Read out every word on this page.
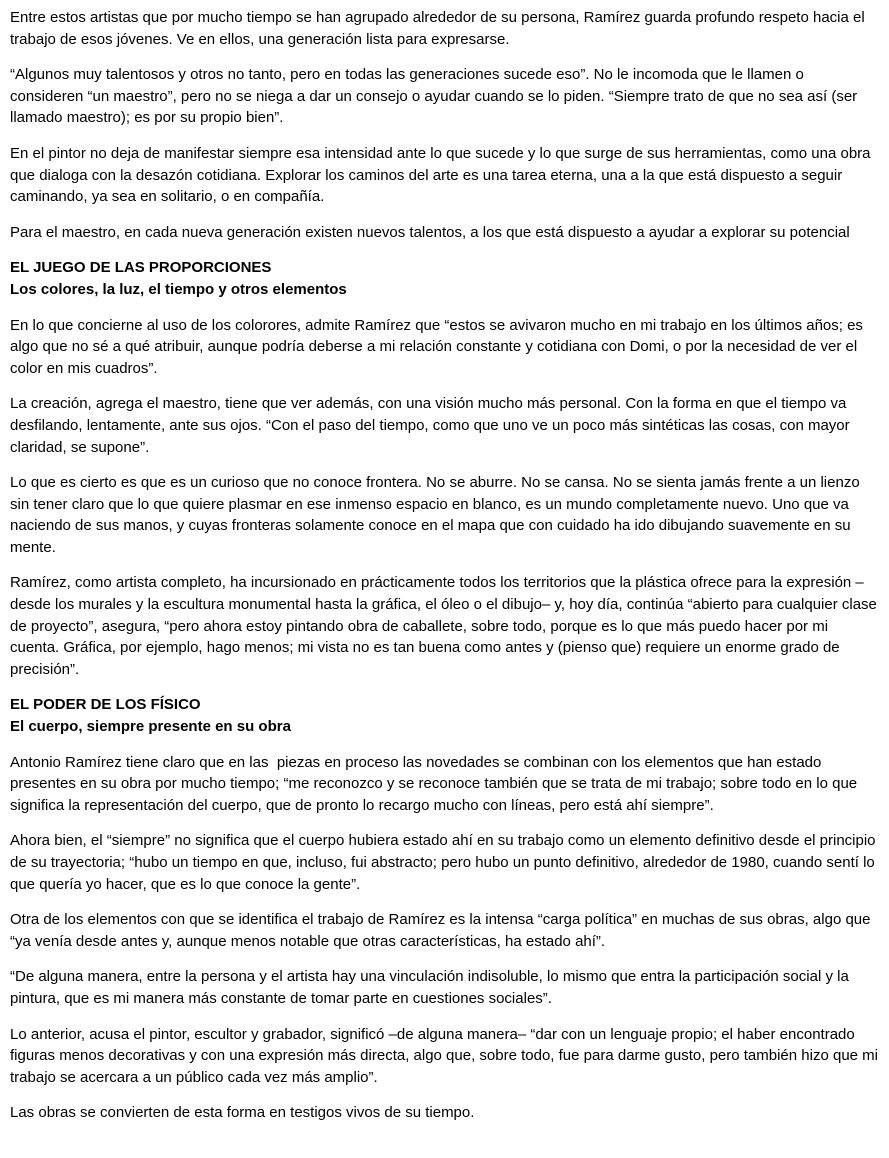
Entre estos artistas que por mucho tiempo se han agrupado alrededor de su persona, Ramírez guarda profundo respeto hacia el trabajo de esos jóvenes. Ve en ellos, una generación lista para expresarse.

“Algunos muy talentosos y otros no tanto, pero en todas las generaciones sucede eso”. No le incomoda que le llamen o consideren “un maestro”, pero no se niega a dar un consejo o ayudar cuando se lo piden. “Siempre trato de que no sea así (ser llamado maestro); es por su propio bien”.

En el pintor no deja de manifestar siempre esa intensidad ante lo que sucede y lo que surge de sus herramientas, como una obra que dialoga con la desazón cotidiana. Explorar los caminos del arte es una tarea eterna, una a la que está dispuesto a seguir caminando, ya sea en solitario, o en compañía.

Para el maestro, en cada nueva generación existen nuevos talentos, a los que está dispuesto a ayudar a explorar su potencial

EL JUEGO DE LAS PROPORCIONES
Los colores, la luz, el tiempo y otros elementos

En lo que concierne al uso de los colorores, admite Ramírez que “estos se avivaron mucho en mi trabajo en los últimos años; es algo que no sé a qué atribuir, aunque podría deberse a mi relación constante y cotidiana con Domi, o por la necesidad de ver el color en mis cuadros”.

La creación, agrega el maestro, tiene que ver además, con una visión mucho más personal. Con la forma en que el tiempo va desfilando, lentamente, ante sus ojos. “Con el paso del tiempo, como que uno ve un poco más sintéticas las cosas, con mayor claridad, se supone”.

Lo que es cierto es que es un curioso que no conoce frontera. No se aburre. No se cansa. No se sienta jamás frente a un lienzo sin tener claro que lo que quiere plasmar en ese inmenso espacio en blanco, es un mundo completamente nuevo. Uno que va naciendo de sus manos, y cuyas fronteras solamente conoce en el mapa que con cuidado ha ido dibujando suavemente en su mente.

Ramírez, como artista completo, ha incursionado en prácticamente todos los territorios que la plástica ofrece para la expresión –desde los murales y la escultura monumental hasta la gráfica, el óleo o el dibujo– y, hoy día, continúa “abierto para cualquier clase de proyecto”, asegura, “pero ahora estoy pintando obra de caballete, sobre todo, porque es lo que más puedo hacer por mi cuenta. Gráfica, por ejemplo, hago menos; mi vista no es tan buena como antes y (pienso que) requiere un enorme grado de precisión”.

EL PODER DE LOS FÍSICO
El cuerpo, siempre presente en su obra

Antonio Ramírez tiene claro que en las  piezas en proceso las novedades se combinan con los elementos que han estado presentes en su obra por mucho tiempo; “me reconozco y se reconoce también que se trata de mi trabajo; sobre todo en lo que significa la representación del cuerpo, que de pronto lo recargo mucho con líneas, pero está ahí siempre”.

Ahora bien, el “siempre” no significa que el cuerpo hubiera estado ahí en su trabajo como un elemento definitivo desde el principio de su trayectoria; “hubo un tiempo en que, incluso, fui abstracto; pero hubo un punto definitivo, alrededor de 1980, cuando sentí lo que quería yo hacer, que es lo que conoce la gente”.

Otra de los elementos con que se identifica el trabajo de Ramírez es la intensa “carga política” en muchas de sus obras, algo que “ya venía desde antes y, aunque menos notable que otras características, ha estado ahí”.

“De alguna manera, entre la persona y el artista hay una vinculación indisoluble, lo mismo que entra la participación social y la pintura, que es mi manera más constante de tomar parte en cuestiones sociales”.

Lo anterior, acusa el pintor, escultor y grabador, significó –de alguna manera– “dar con un lenguaje propio; el haber encontrado figuras menos decorativas y con una expresión más directa, algo que, sobre todo, fue para darme gusto, pero también hizo que mi trabajo se acercara a un público cada vez más amplio”.

Las obras se convierten de esta forma en testigos vivos de su tiempo.
